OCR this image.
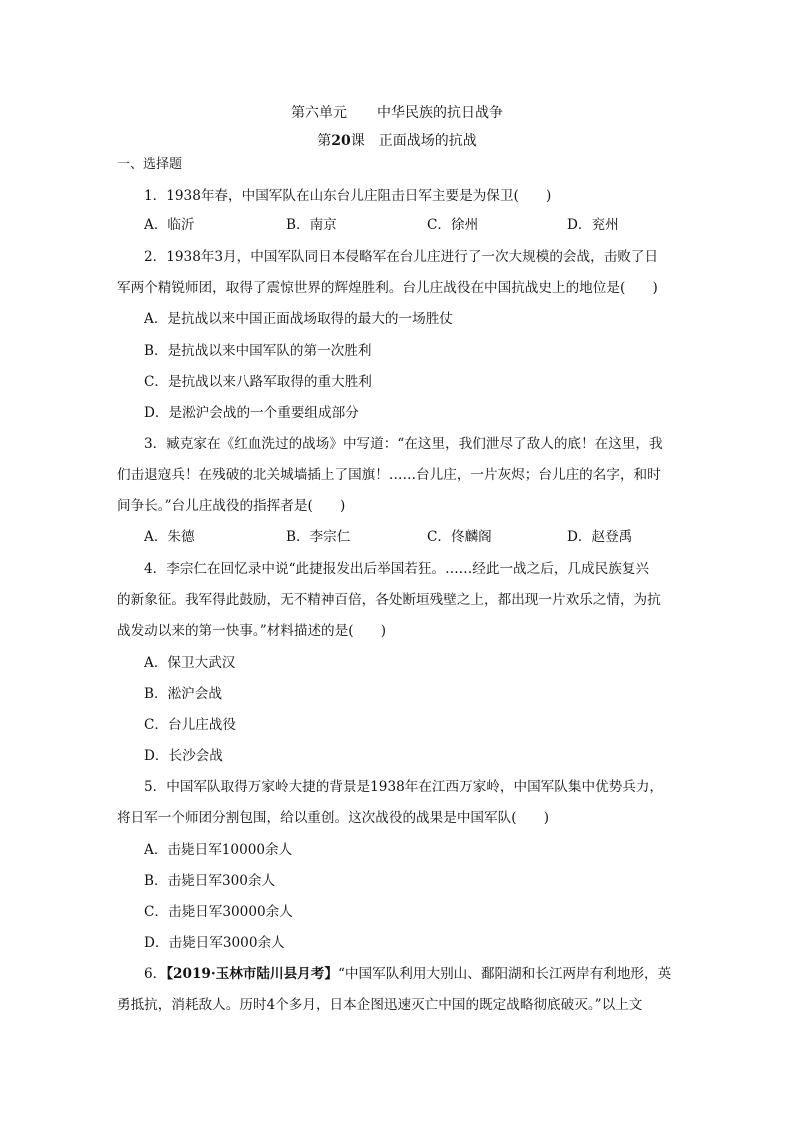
第六单元 中华民族的抗日战争
第20课　正面战场的抗战
一、选择题
1．1938年春，中国军队在山东台儿庄阻击日军主要是为保卫(　　)
A．临沂	B．南京	C．徐州	D．兖州
2．1938年3月，中国军队同日本侵略军在台儿庄进行了一次大规模的会战，击败了日
军两个精锐师团，取得了震惊世界的辉煌胜利。台儿庄战役在中国抗战史上的地位是(　　)
A．是抗战以来中国正面战场取得的最大的一场胜仗
B．是抗战以来中国军队的第一次胜利
C．是抗战以来八路军取得的重大胜利
D．是淞沪会战的一个重要组成部分
3．臧克家在《红血洗过的战场》中写道：“在这里，我们泄尽了敌人的底！在这里，我
们击退寇兵！在残破的北关城墙插上了国旗！……台儿庄，一片灰烬；台儿庄的名字，和时
间争长。”台儿庄战役的指挥者是(　　)
A．朱德	B．李宗仁	C．佟麟阁	D．赵登禹
4．李宗仁在回忆录中说“此捷报发出后举国若狂。……经此一战之后，几成民族复兴
的新象征。我军得此鼓励，无不精神百倍，各处断垣残壁之上，都出现一片欢乐之情，为抗
战发动以来的第一快事。”材料描述的是(　　)
A．保卫大武汉
B．淞沪会战
C．台儿庄战役
D．长沙会战
5．中国军队取得万家岭大捷的背景是1938年在江西万家岭，中国军队集中优势兵力，
将日军一个师团分割包围，给以重创。这次战役的战果是中国军队(　　)
A．击毙日军10000余人
B．击毙日军300余人
C．击毙日军30000余人
D．击毙日军3000余人
6．【2019·玉林市陆川县月考】“中国军队利用大别山、鄱阳湖和长江两岸有利地形，英
勇抵抗，消耗敌人。历时4个多月，日本企图迅速灭亡中国的既定战略彻底破灭。”以上文
